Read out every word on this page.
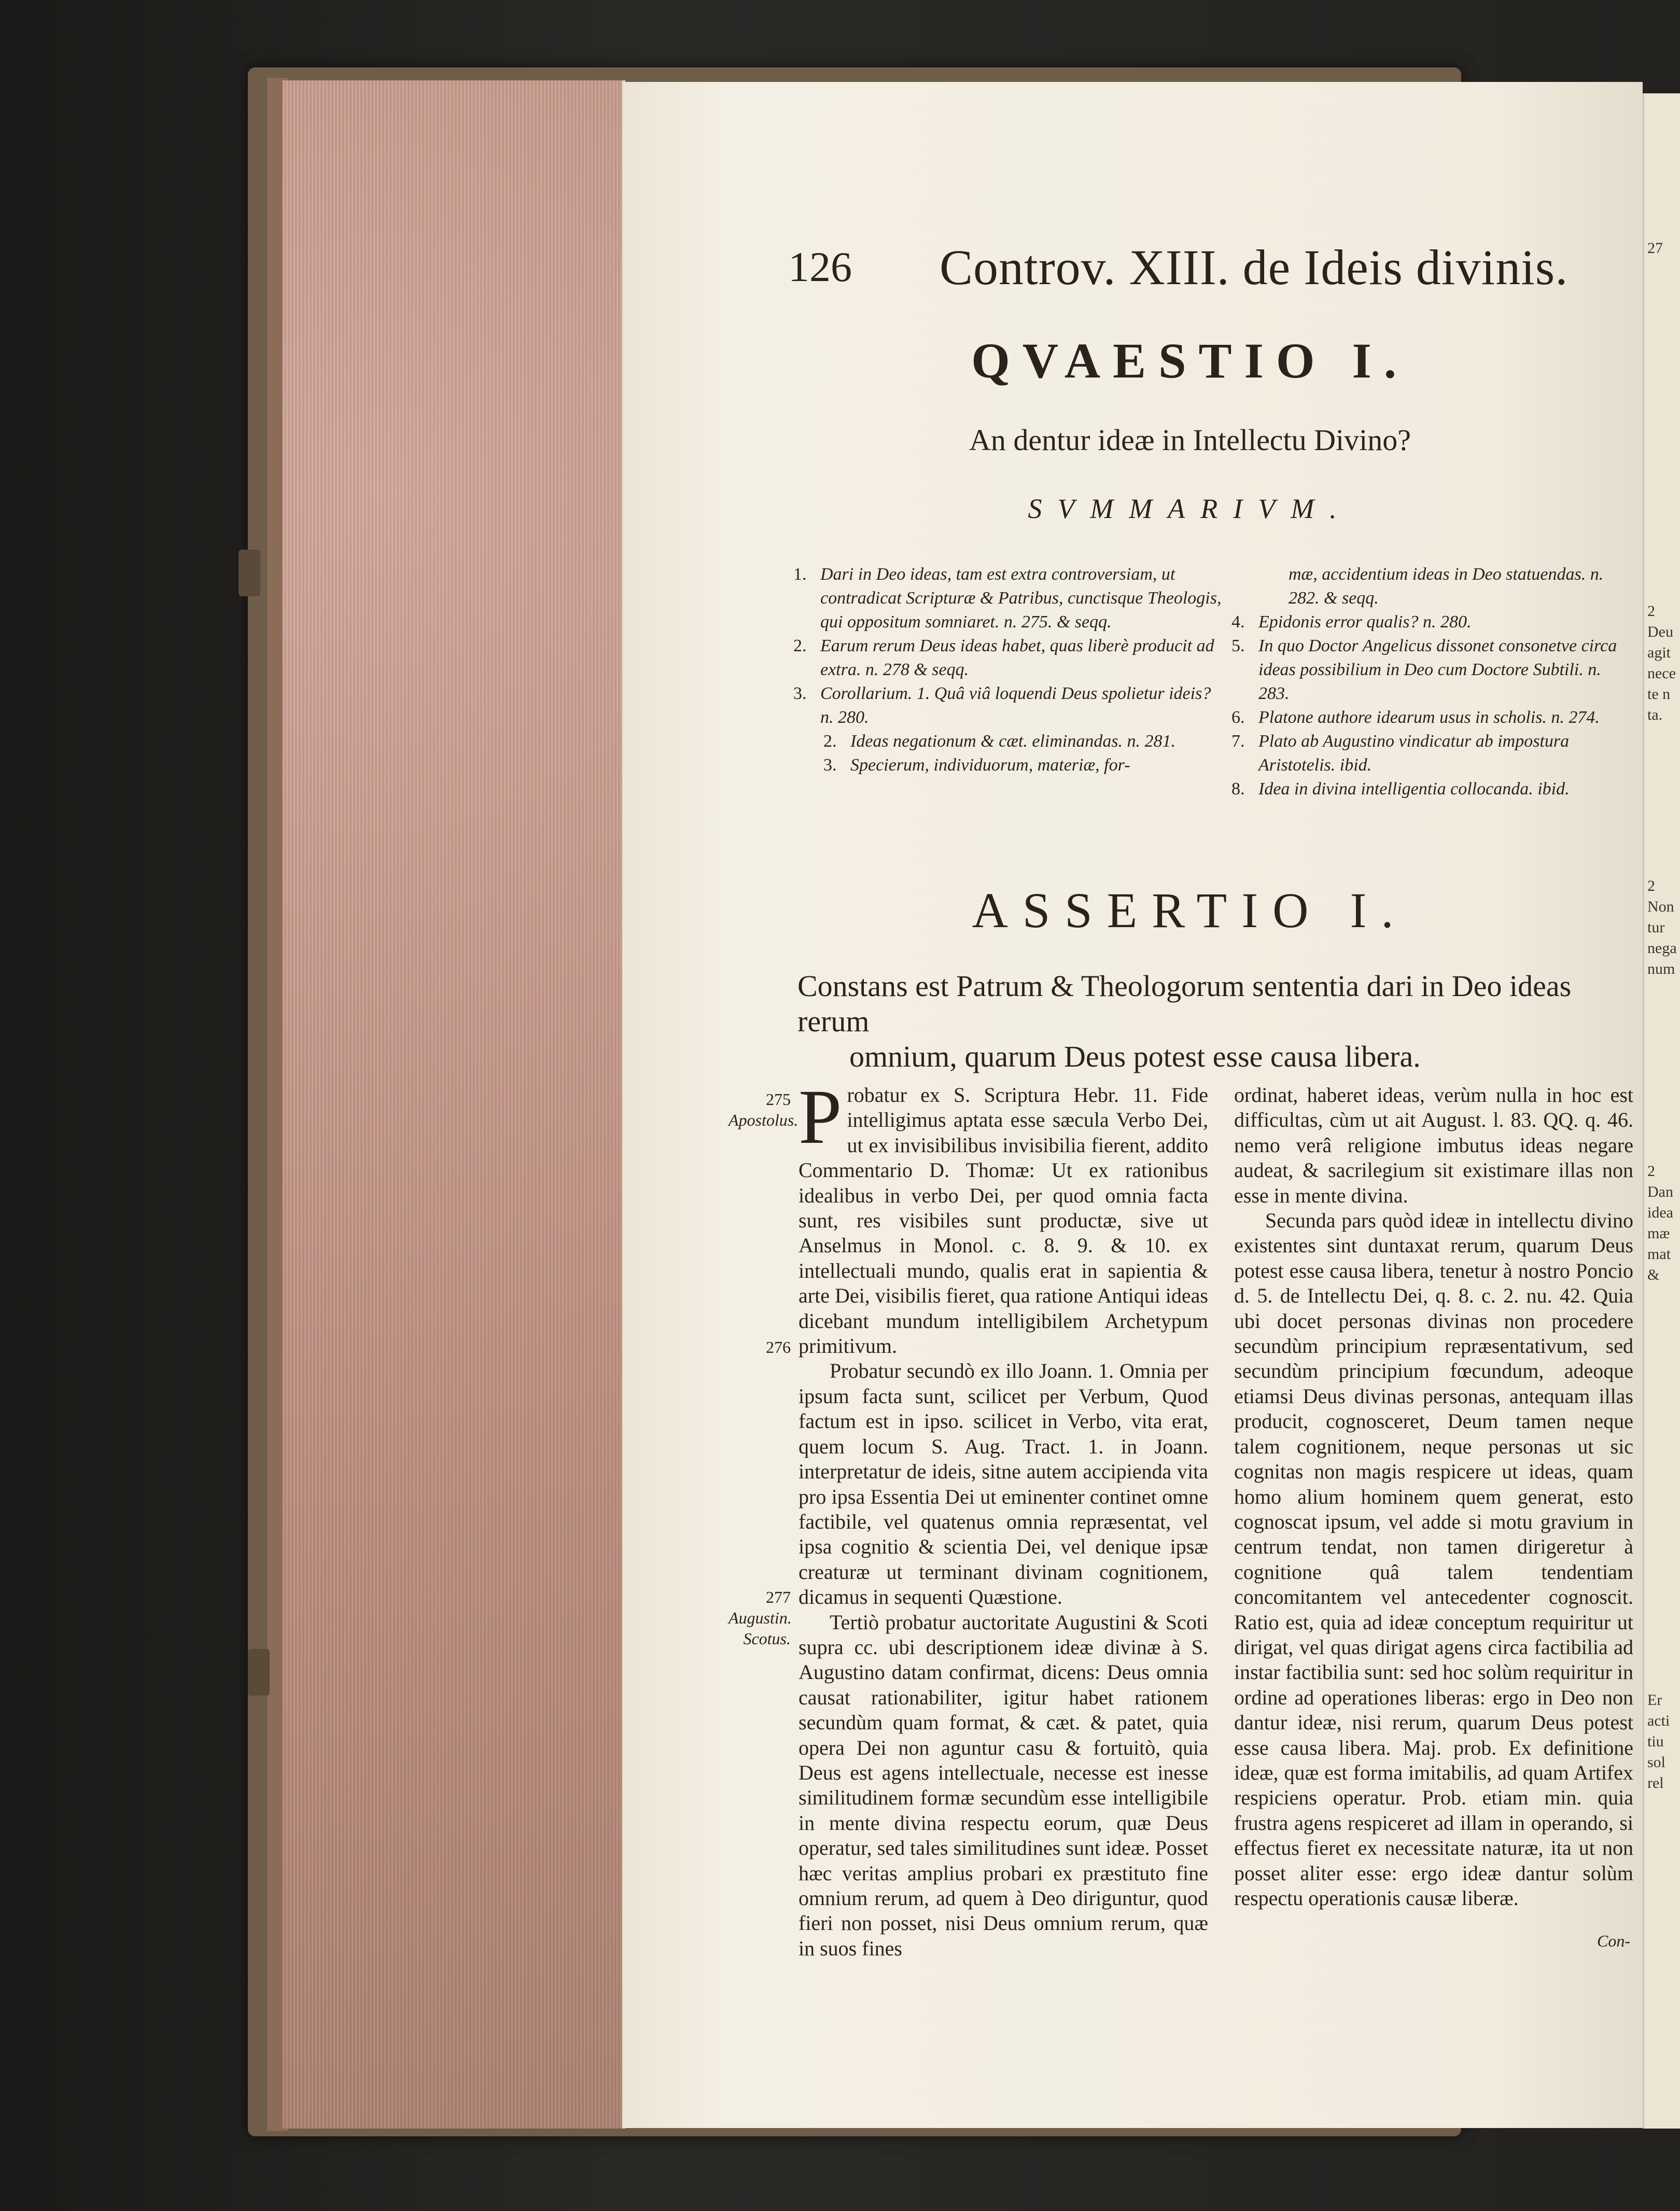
27
2
Deu
agit
nece
te n
ta.
2
Non
tur
nega
num
2
Dan
idea
mæ
mat
&
Er
acti
tiu
sol
rel
126 Controv. XIII. de Ideis divinis.
QVAESTIO I.
An dentur ideæ in Intellectu Divino?
SVMMARIVM.

1. Dari in Deo ideas, tam est extra controversiam, ut contradicat Scripturæ & Patribus, cunctisque Theologis, qui oppositum somniaret. n. 275. & seqq.

2. Earum rerum Deus ideas habet, quas liberè producit ad extra. n. 278 & seqq.

3. Corollarium. 1. Quâ viâ loquendi Deus spolietur ideis? n. 280.

2. Ideas negationum & cæt. eliminandas. n. 281.

3. Specierum, individuorum, materiæ, for-

mæ, accidentium ideas in Deo statuendas. n. 282. & seqq.

4. Epidonis error qualis? n. 280.

5. In quo Doctor Angelicus dissonet consonetve circa ideas possibilium in Deo cum Doctore Subtili. n. 283.

6. Platone authore idearum usus in scholis. n. 274.

7. Plato ab Augustino vindicatur ab impostura Aristotelis. ibid.

8. Idea in divina intelligentia collocanda. ibid.

ASSERTIO I.
Constans est Patrum & Theologorum sententia dari in Deo ideas rerum
omnium, quarum Deus potest esse causa libera.
275
Apostolus.
276
277
Augustin. Scotus.

Probatur ex S. Scriptura Hebr. 11. Fide intelligimus aptata esse sæcula Verbo Dei, ut ex invisibilibus invisibilia fierent, addito Commentario D. Thomæ: Ut ex rationibus idealibus in verbo Dei, per quod omnia facta sunt, res visibiles sunt productæ, sive ut Anselmus in Monol. c. 8. 9. & 10. ex intellectuali mundo, qualis erat in sapientia & arte Dei, visibilis fieret, qua ratione Antiqui ideas dicebant mundum intelligibilem Archetypum primitivum.

Probatur secundò ex illo Joann. 1. Omnia per ipsum facta sunt, scilicet per Verbum, Quod factum est in ipso. scilicet in Verbo, vita erat, quem locum S. Aug. Tract. 1. in Joann. interpretatur de ideis, sitne autem accipienda vita pro ipsa Essentia Dei ut eminenter continet omne factibile, vel quatenus omnia repræsentat, vel ipsa cognitio & scientia Dei, vel denique ipsæ creaturæ ut terminant divinam cognitionem, dicamus in sequenti Quæstione.

Tertiò probatur auctoritate Augustini & Scoti supra cc. ubi descriptionem ideæ divinæ à S. Augustino datam confirmat, dicens: Deus omnia causat rationabiliter, igitur habet rationem secundùm quam format, & cæt. & patet, quia opera Dei non aguntur casu & fortuitò, quia Deus est agens intellectuale, necesse est inesse similitudinem formæ secundùm esse intelligibile in mente divina respectu eorum, quæ Deus operatur, sed tales similitudines sunt ideæ. Posset hæc veritas amplius probari ex præstituto fine omnium rerum, ad quem à Deo diriguntur, quod fieri non posset, nisi Deus omnium rerum, quæ in suos fines

ordinat, haberet ideas, verùm nulla in hoc est difficultas, cùm ut ait August. l. 83. QQ. q. 46. nemo verâ religione imbutus ideas negare audeat, & sacrilegium sit existimare illas non esse in mente divina.

Secunda pars quòd ideæ in intellectu divino existentes sint duntaxat rerum, quarum Deus potest esse causa libera, tenetur à nostro Poncio d. 5. de Intellectu Dei, q. 8. c. 2. nu. 42. Quia ubi docet personas divinas non procedere secundùm principium repræsentativum, sed secundùm principium fœcundum, adeoque etiamsi Deus divinas personas, antequam illas producit, cognosceret, Deum tamen neque talem cognitionem, neque personas ut sic cognitas non magis respicere ut ideas, quam homo alium hominem quem generat, esto cognoscat ipsum, vel adde si motu gravium in centrum tendat, non tamen dirigeretur à cognitione quâ talem tendentiam concomitantem vel antecedenter cognoscit. Ratio est, quia ad ideæ conceptum requiritur ut dirigat, vel quas dirigat agens circa factibilia ad instar factibilia sunt: sed hoc solùm requiritur in ordine ad operationes liberas: ergo in Deo non dantur ideæ, nisi rerum, quarum Deus potest esse causa libera. Maj. prob. Ex definitione ideæ, quæ est forma imitabilis, ad quam Artifex respiciens operatur. Prob. etiam min. quia frustra agens respiceret ad illam in operando, si effectus fieret ex necessitate naturæ, ita ut non posset aliter esse: ergo ideæ dantur solùm respectu operationis causæ liberæ.

Con-
